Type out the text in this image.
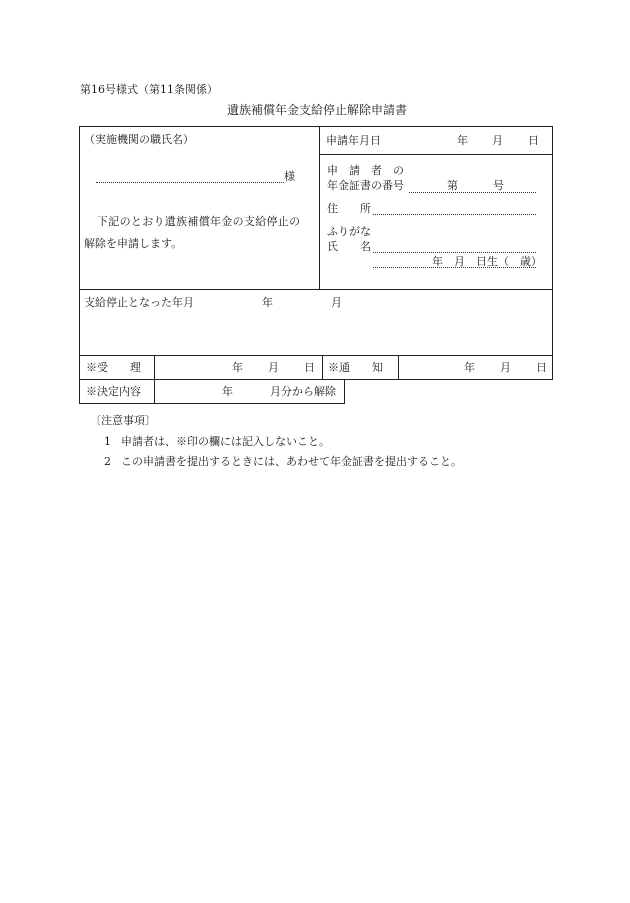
第16号様式（第11条関係）
遺族補償年金支給停止解除申請書
（実施機関の職氏名）
様
下記のとおり遺族補償年金の支給停止の
解除を申請します。
申請年月日	年 月 日
申　請　者　の
年金証書の番号	第	号
住　　所
ふりがな
氏　　名
年　月　日生（　歳）
支給停止となった年月	年	月
※受　　理	年 月 日 ※通　　知	年 月 日
※決定内容	年	月分から解除
〔注意事項〕
1 申請者は、※印の欄には記入しないこと。
2 この申請書を提出するときには、あわせて年金証書を提出すること。
